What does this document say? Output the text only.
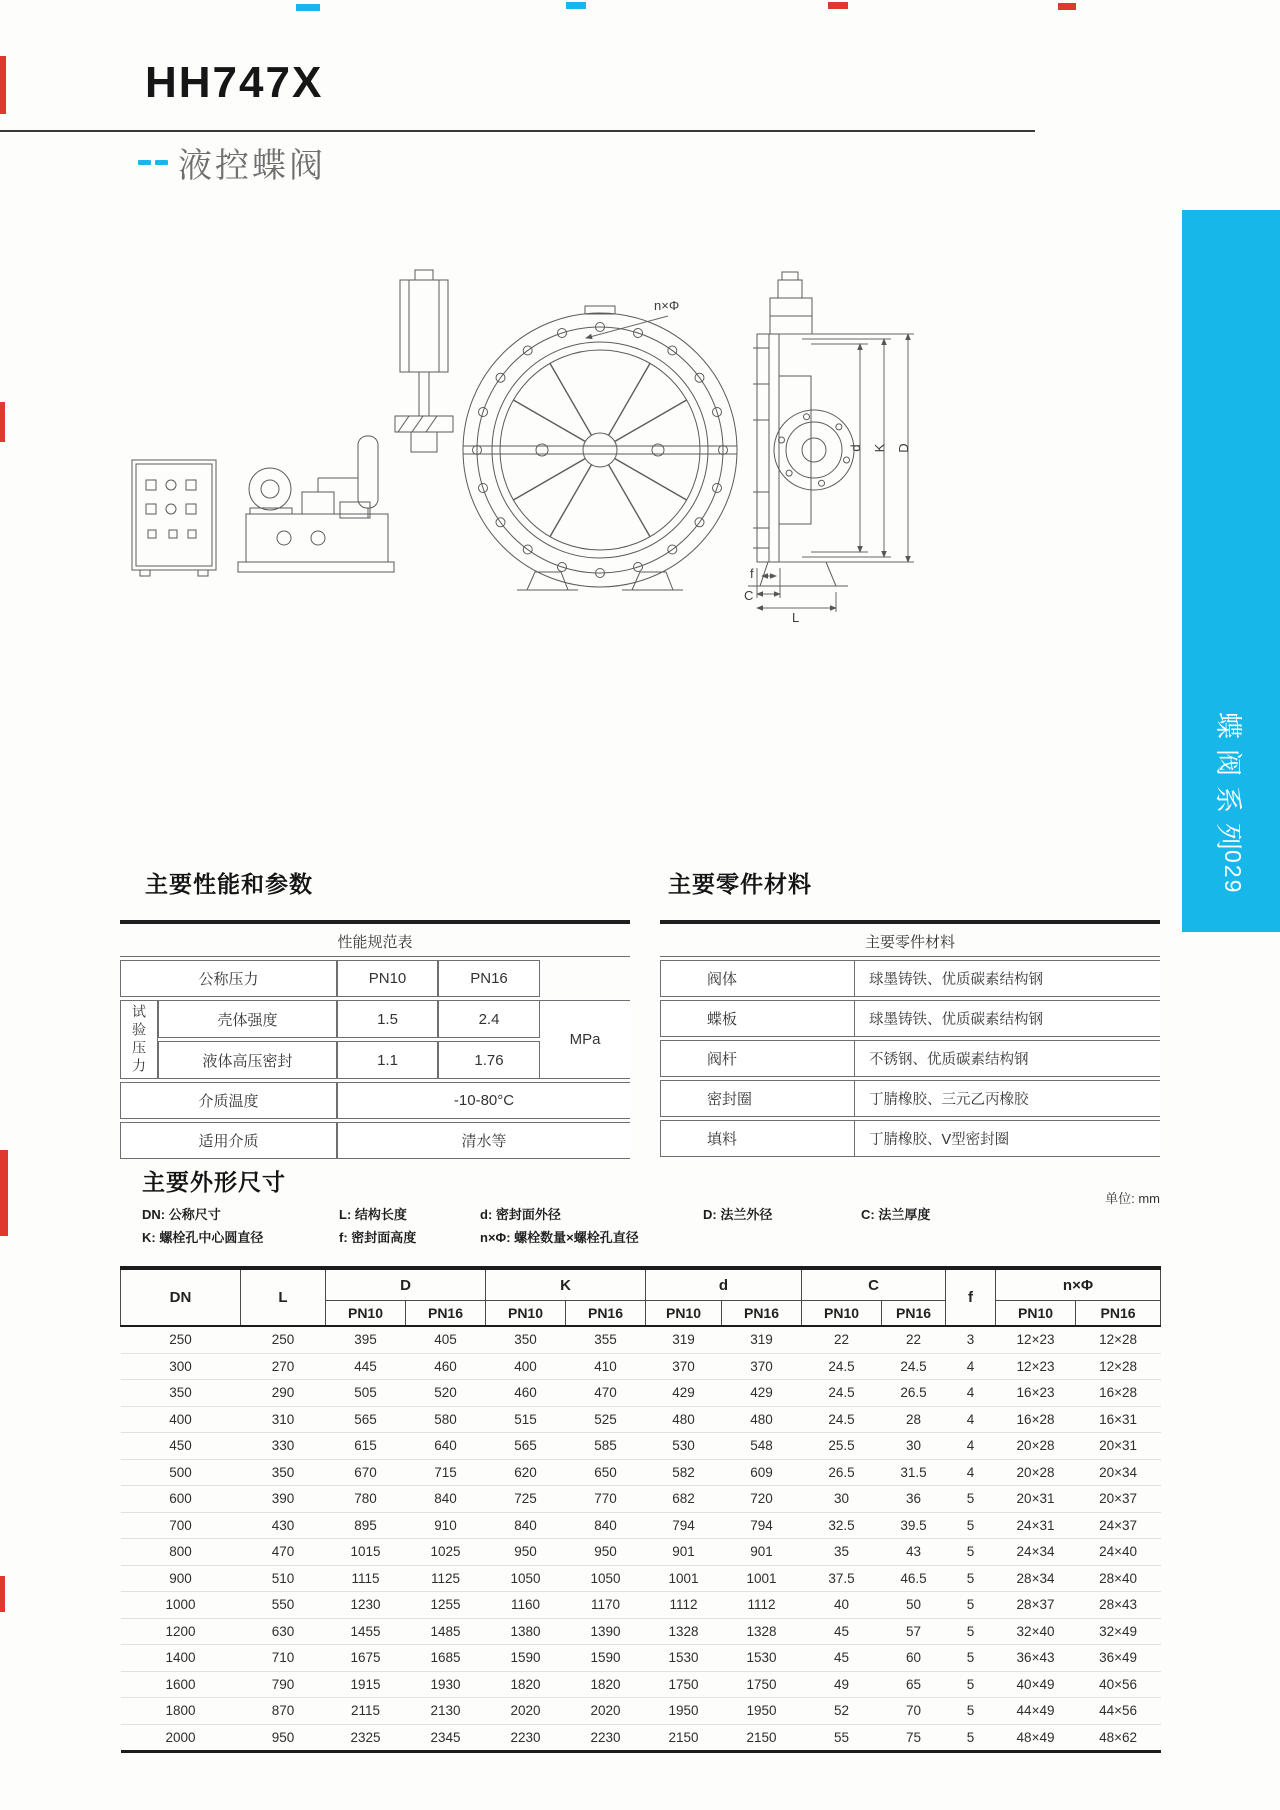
HH747X
液控蝶阀
蝶阀系列
029
n×Φ
d K D
f
C
L
主要性能和参数
性能规范表
公称压力	PN10	PN16
试验压力	壳体强度	1.5	2.4
MPa
液体高压密封	1.1	1.76
介质温度	-10-80°C
适用介质	清水等
主要零件材料
主要零件材料
阀体	球墨铸铁、优质碳素结构钢
蝶板	球墨铸铁、优质碳素结构钢
阀杆	不锈钢、优质碳素结构钢
密封圈	丁腈橡胶、三元乙丙橡胶
填料	丁腈橡胶、V型密封圈
主要外形尺寸
单位: mm
DN: 公称尺寸	L: 结构长度	d: 密封面外径	D: 法兰外径	C: 法兰厚度
K: 螺栓孔中心圆直径	f: 密封面高度	n×Φ: 螺栓数量×螺栓孔直径
DN	L	D		K		d		C		f	n×Φ	
		PN10	PN16	PN10	PN16	PN10	PN16	PN10	PN16		PN10	PN16
250	250	395	405	350	355	319	319	22	22	3	12×23	12×28
300	270	445	460	400	410	370	370	24.5	24.5	4	12×23	12×28
350	290	505	520	460	470	429	429	24.5	26.5	4	16×23	16×28
400	310	565	580	515	525	480	480	24.5	28	4	16×28	16×31
450	330	615	640	565	585	530	548	25.5	30	4	20×28	20×31
500	350	670	715	620	650	582	609	26.5	31.5	4	20×28	20×34
600	390	780	840	725	770	682	720	30	36	5	20×31	20×37
700	430	895	910	840	840	794	794	32.5	39.5	5	24×31	24×37
800	470	1015	1025	950	950	901	901	35	43	5	24×34	24×40
900	510	1115	1125	1050	1050	1001	1001	37.5	46.5	5	28×34	28×40
1000	550	1230	1255	1160	1170	1112	1112	40	50	5	28×37	28×43
1200	630	1455	1485	1380	1390	1328	1328	45	57	5	32×40	32×49
1400	710	1675	1685	1590	1590	1530	1530	45	60	5	36×43	36×49
1600	790	1915	1930	1820	1820	1750	1750	49	65	5	40×49	40×56
1800	870	2115	2130	2020	2020	1950	1950	52	70	5	44×49	44×56
2000	950	2325	2345	2230	2230	2150	2150	55	75	5	48×49	48×62
